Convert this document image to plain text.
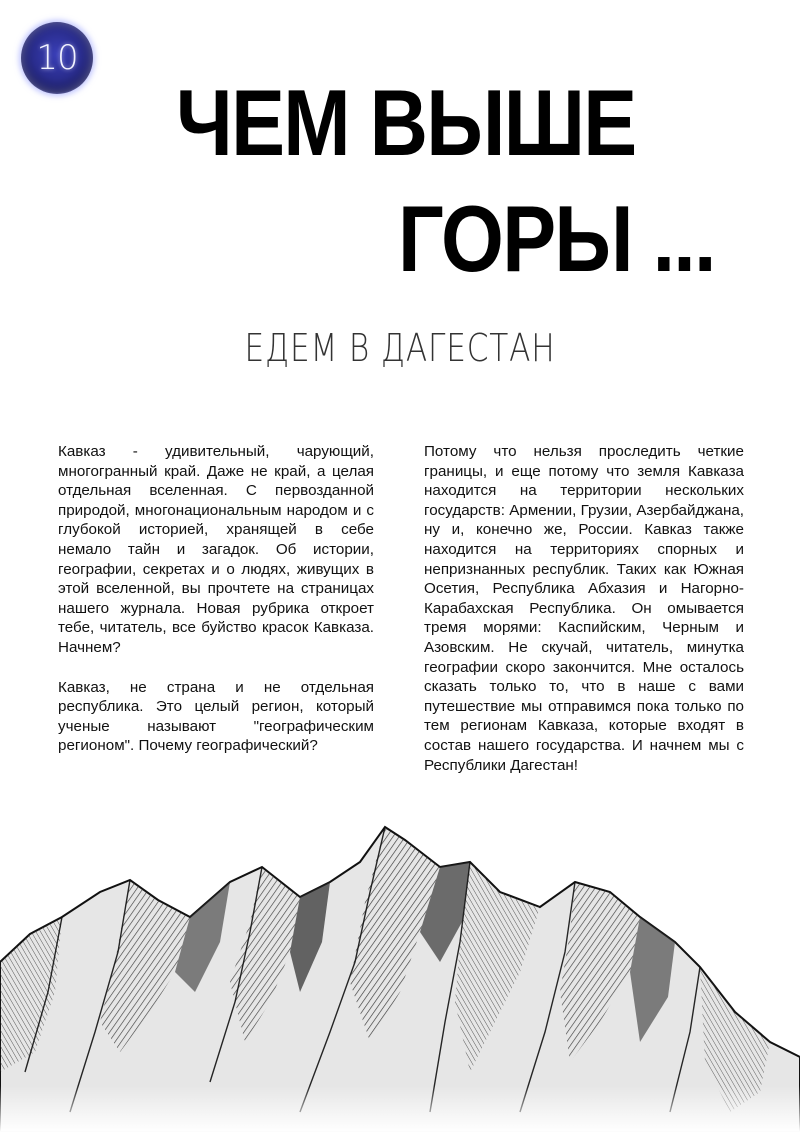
10
ЧЕМ ВЫШЕ
ГОРЫ ...
ЕДЕМ В ДАГЕСТАН

Кавказ - удивительный, чарующий, многогранный край. Даже не край, а целая отдельная вселенная. С первозданной природой, многонациональным народом и с глубокой историей, хранящей в себе немало тайн и загадок. Об истории, географии, секретах и о людях, живущих в этой вселенной, вы прочтете на страницах нашего журнала. Новая рубрика откроет тебе, читатель, все буйство красок Кавказа. Начнем?

Кавказ, не страна и не отдельная республика. Это целый регион, который ученые называют "географическим регионом". Почему географический?

Потому что нельзя проследить четкие границы, и еще потому что земля Кавказа находится на территории нескольких государств: Армении, Грузии, Азербайджана, ну и, конечно же, России. Кавказ также находится на территориях спорных и непризнанных республик. Таких как Южная Осетия, Республика Абхазия и Нагорно-Карабахская Республика. Он омывается тремя морями: Каспийским, Черным и Азовским. Не скучай, читатель, минутка географии скоро закончится. Мне осталось сказать только то, что в наше с вами путешествие мы отправимся пока только по тем регионам Кавказа, которые входят в состав нашего государства. И начнем мы с Республики Дагестан!
